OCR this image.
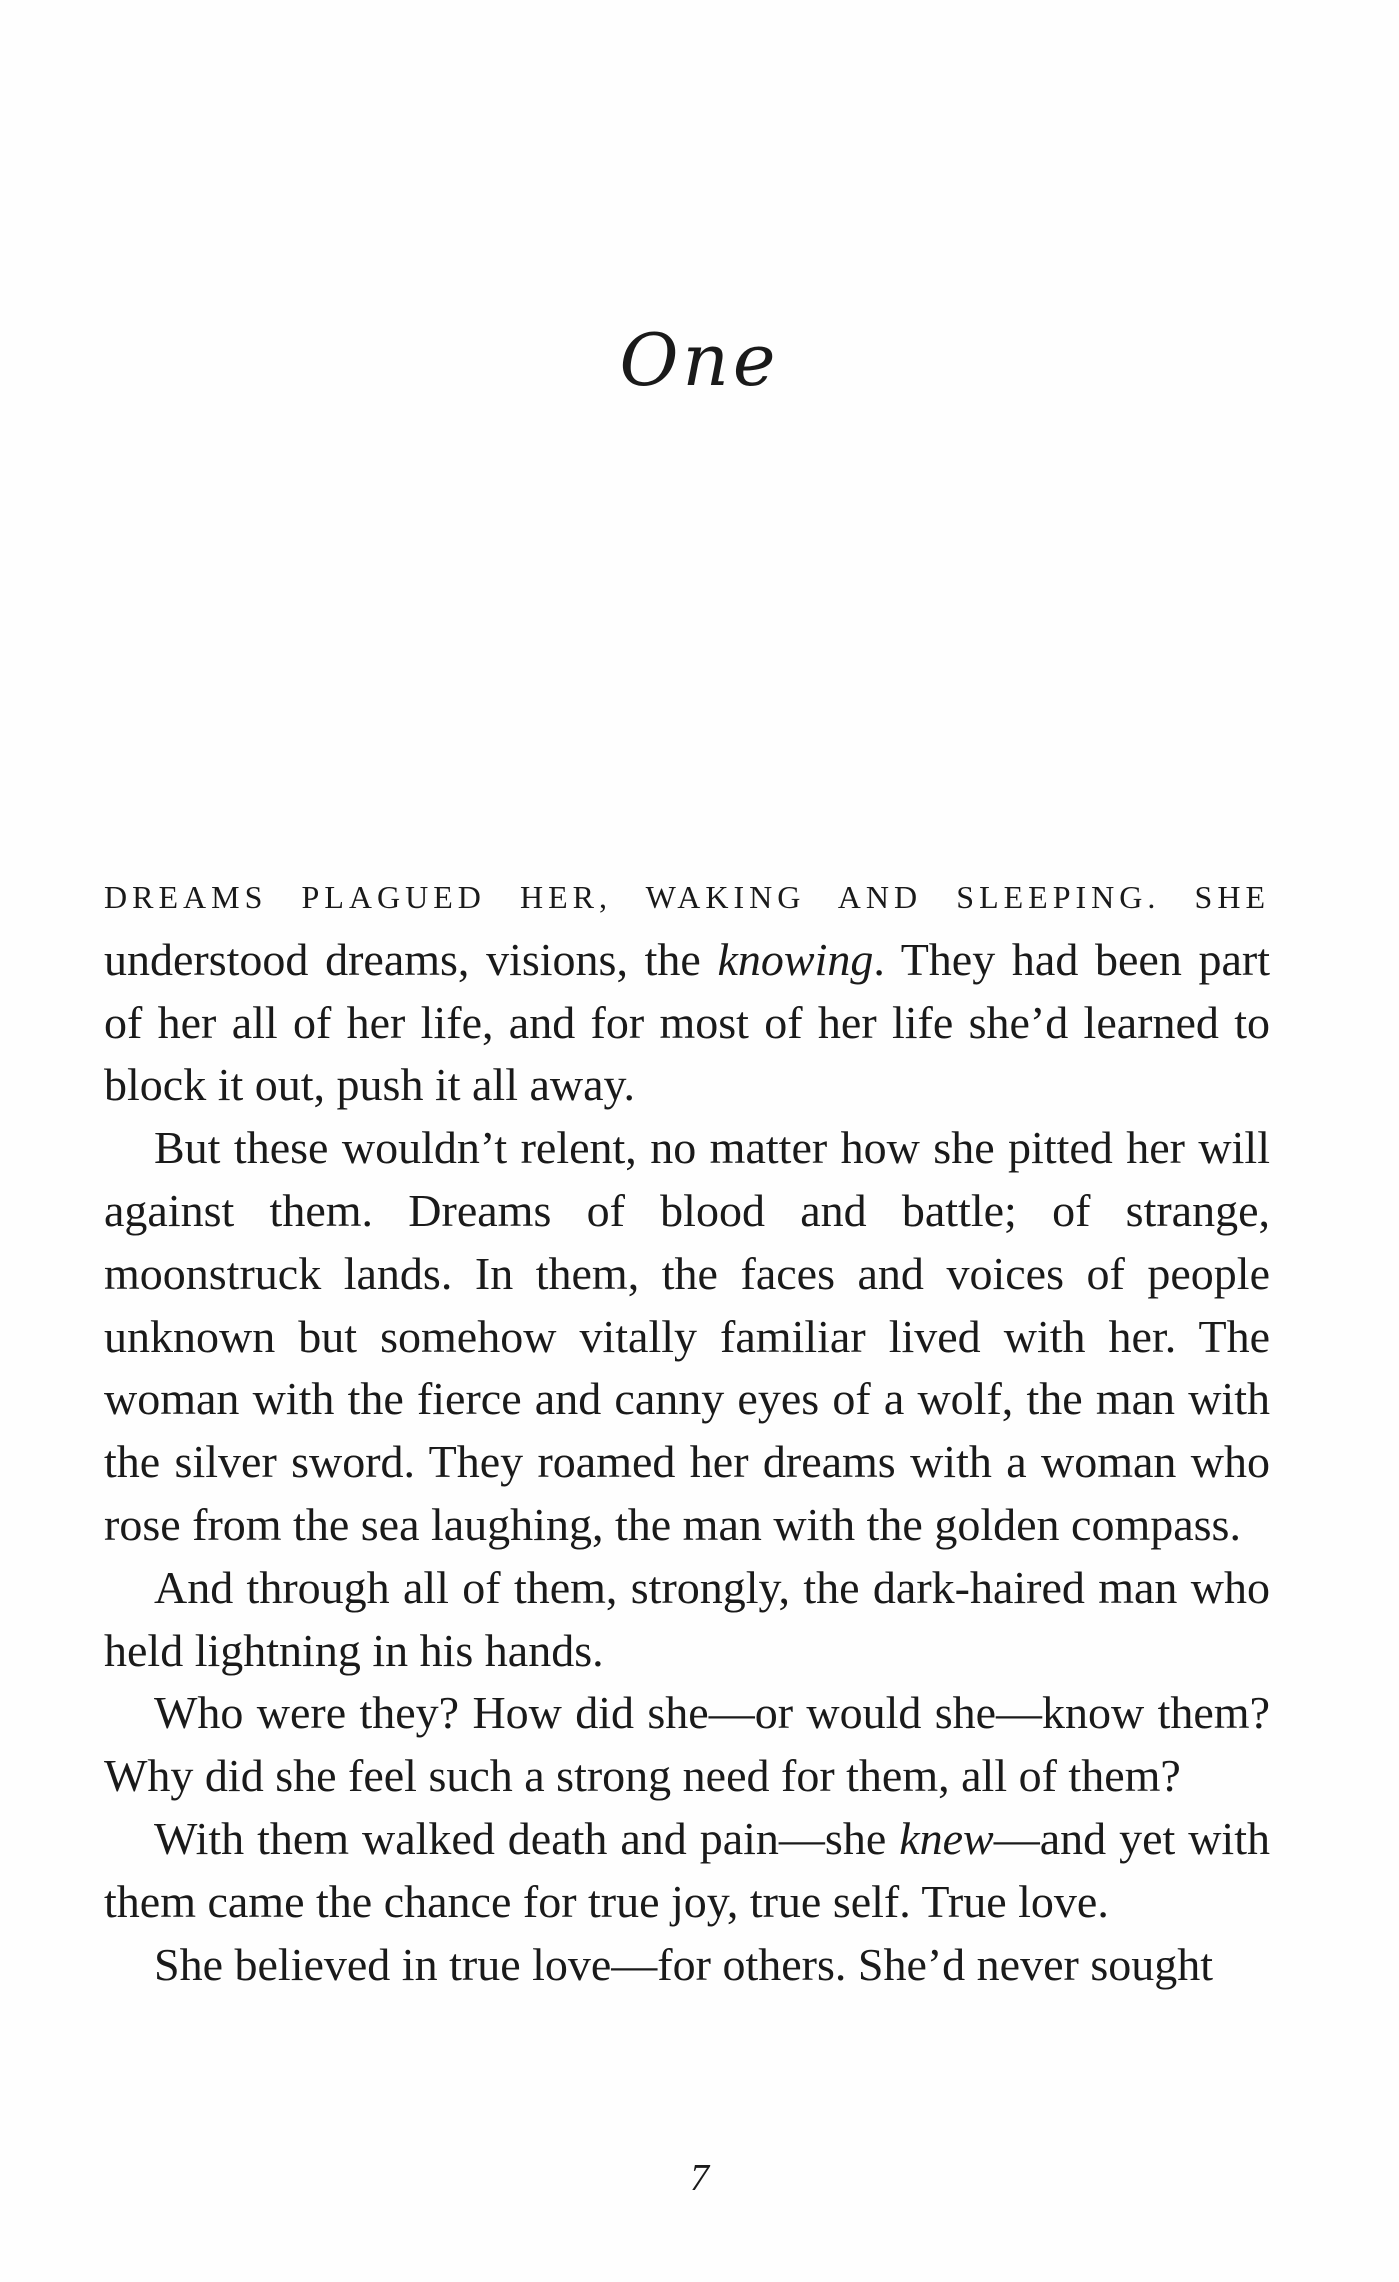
One

DREAMS PLAGUED HER, WAKING AND SLEEPING. SHE understood dreams, visions, the knowing. They had been part of her all of her life, and for most of her life she’d learned to block it out, push it all away.

But these wouldn’t relent, no matter how she pitted her will against them. Dreams of blood and battle; of strange, moonstruck lands. In them, the faces and voices of people unknown but somehow vitally familiar lived with her. The woman with the fierce and canny eyes of a wolf, the man with the silver sword. They roamed her dreams with a woman who rose from the sea laughing, the man with the golden compass.

And through all of them, strongly, the dark-haired man who held lightning in his hands.

Who were they? How did she—or would she—know them? Why did she feel such a strong need for them, all of them?

With them walked death and pain—she knew—and yet with them came the chance for true joy, true self. True love.

She believed in true love—for others. She’d never sought

7
